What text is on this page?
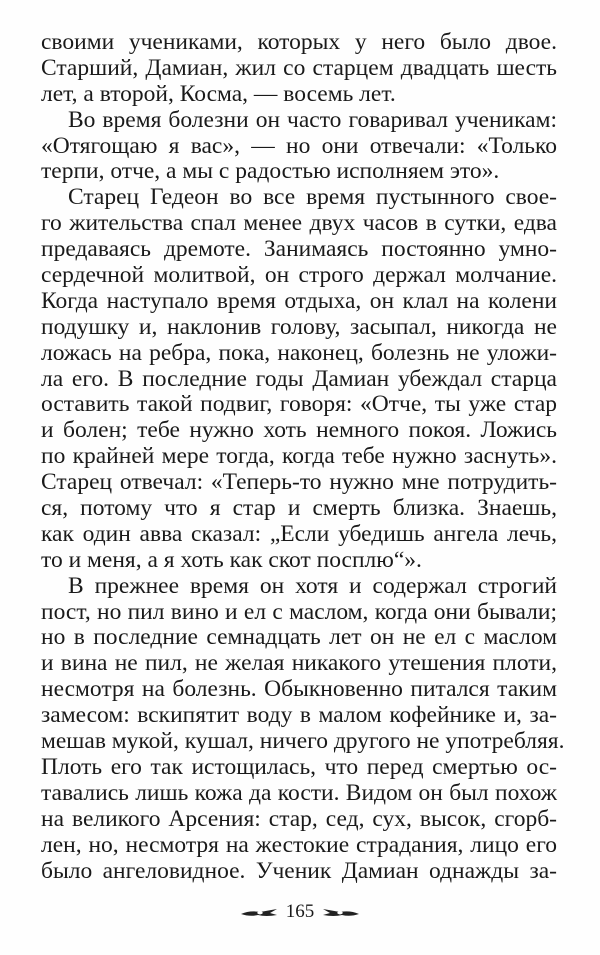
своими учениками, которых у него было двое.
Старший, Дамиан, жил со старцем двадцать шесть
лет, а второй, Косма, — восемь лет.
Во время болезни он часто говаривал ученикам:
«Отягощаю я вас», — но они отвечали: «Только
терпи, отче, а мы с радостью исполняем это».
Старец Гедеон во все время пустынного свое-
го жительства спал менее двух часов в сутки, едва
предаваясь дремоте. Занимаясь постоянно умно-
сердечной молитвой, он строго держал молчание.
Когда наступало время отдыха, он клал на колени
подушку и, наклонив голову, засыпал, никогда не
ложась на ребра, пока, наконец, болезнь не уложи-
ла его. В последние годы Дамиан убеждал старца
оставить такой подвиг, говоря: «Отче, ты уже стар
и болен; тебе нужно хоть немного покоя. Ложись
по крайней мере тогда, когда тебе нужно заснуть».
Старец отвечал: «Теперь-то нужно мне потрудить-
ся, потому что я стар и смерть близка. Знаешь,
как один авва сказал: „Если убедишь ангела лечь,
то и меня, а я хоть как скот посплю“».
В прежнее время он хотя и содержал строгий
пост, но пил вино и ел с маслом, когда они бывали;
но в последние семнадцать лет он не ел с маслом
и вина не пил, не желая никакого утешения плоти,
несмотря на болезнь. Обыкновенно питался таким
замесом: вскипятит воду в малом кофейнике и, за-
мешав мукой, кушал, ничего другого не употребляя.
Плоть его так истощилась, что перед смертью ос-
тавались лишь кожа да кости. Видом он был похож
на великого Арсения: стар, сед, сух, высок, сгорб-
лен, но, несмотря на жестокие страдания, лицо его
было ангеловидное. Ученик Дамиан однажды за-
165
